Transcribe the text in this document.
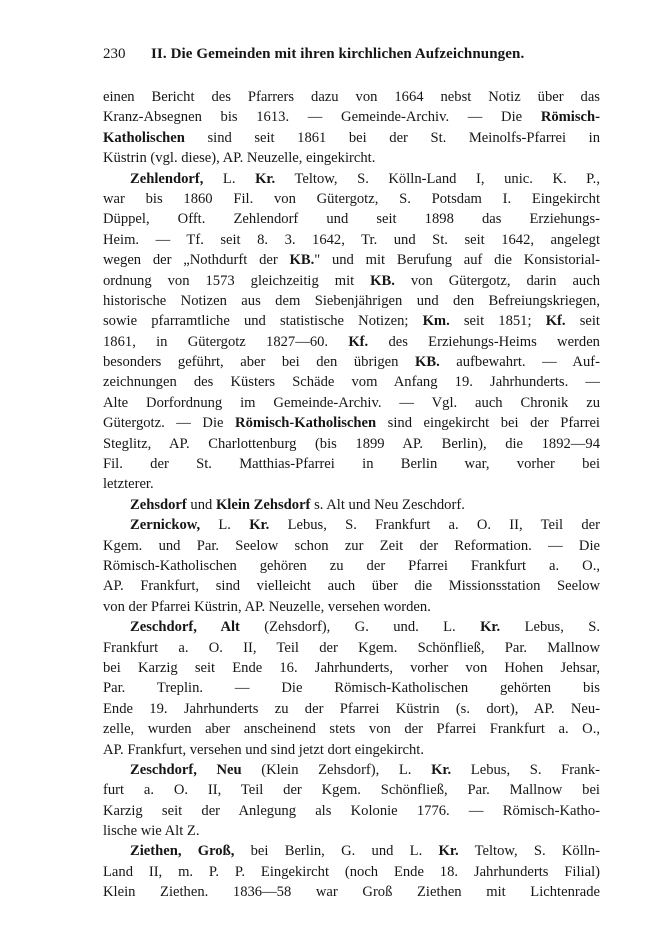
230 II. Die Gemeinden mit ihren kirchlichen Aufzeichnungen.
einen Bericht des Pfarrers dazu von 1664 nebst Notiz über das
Kranz-Absegnen bis 1613. — Gemeinde-Archiv. — Die Römisch-
Katholischen sind seit 1861 bei der St. Meinolfs-Pfarrei in
Küstrin (vgl. diese), AP. Neuzelle, eingekircht.
Zehlendorf, L. Kr. Teltow, S. Kölln-Land I, unic. K. P.,
war bis 1860 Fil. von Gütergotz, S. Potsdam I. Eingekircht
Düppel, Offt. Zehlendorf und seit 1898 das Erziehungs-
Heim. — Tf. seit 8. 3. 1642, Tr. und St. seit 1642, angelegt
wegen der „Nothdurft der KB." und mit Berufung auf die Konsistorial-
ordnung von 1573 gleichzeitig mit KB. von Gütergotz, darin auch
historische Notizen aus dem Siebenjährigen und den Befreiungskriegen,
sowie pfarramtliche und statistische Notizen; Km. seit 1851; Kf. seit
1861, in Gütergotz 1827—60. Kf. des Erziehungs-Heims werden
besonders geführt, aber bei den übrigen KB. aufbewahrt. — Auf-
zeichnungen des Küsters Schäde vom Anfang 19. Jahrhunderts. —
Alte Dorfordnung im Gemeinde-Archiv. — Vgl. auch Chronik zu
Gütergotz. — Die Römisch-Katholischen sind eingekircht bei der Pfarrei
Steglitz, AP. Charlottenburg (bis 1899 AP. Berlin), die 1892—94
Fil. der St. Matthias-Pfarrei in Berlin war, vorher bei
letzterer.
Zehsdorf und Klein Zehsdorf s. Alt und Neu Zeschdorf.
Zernickow, L. Kr. Lebus, S. Frankfurt a. O. II, Teil der
Kgem. und Par. Seelow schon zur Zeit der Reformation. — Die
Römisch-Katholischen gehören zu der Pfarrei Frankfurt a. O.,
AP. Frankfurt, sind vielleicht auch über die Missionsstation Seelow
von der Pfarrei Küstrin, AP. Neuzelle, versehen worden.
Zeschdorf, Alt (Zehsdorf), G. und. L. Kr. Lebus, S.
Frankfurt a. O. II, Teil der Kgem. Schönfließ, Par. Mallnow
bei Karzig seit Ende 16. Jahrhunderts, vorher von Hohen Jehsar,
Par. Treplin. — Die Römisch-Katholischen gehörten bis
Ende 19. Jahrhunderts zu der Pfarrei Küstrin (s. dort), AP. Neu-
zelle, wurden aber anscheinend stets von der Pfarrei Frankfurt a. O.,
AP. Frankfurt, versehen und sind jetzt dort eingekircht.
Zeschdorf, Neu (Klein Zehsdorf), L. Kr. Lebus, S. Frank-
furt a. O. II, Teil der Kgem. Schönfließ, Par. Mallnow bei
Karzig seit der Anlegung als Kolonie 1776. — Römisch-Katho-
lische wie Alt Z.
Ziethen, Groß, bei Berlin, G. und L. Kr. Teltow, S. Kölln-
Land II, m. P. P. Eingekircht (noch Ende 18. Jahrhunderts Filial)
Klein Ziethen. 1836—58 war Groß Ziethen mit Lichtenrade
